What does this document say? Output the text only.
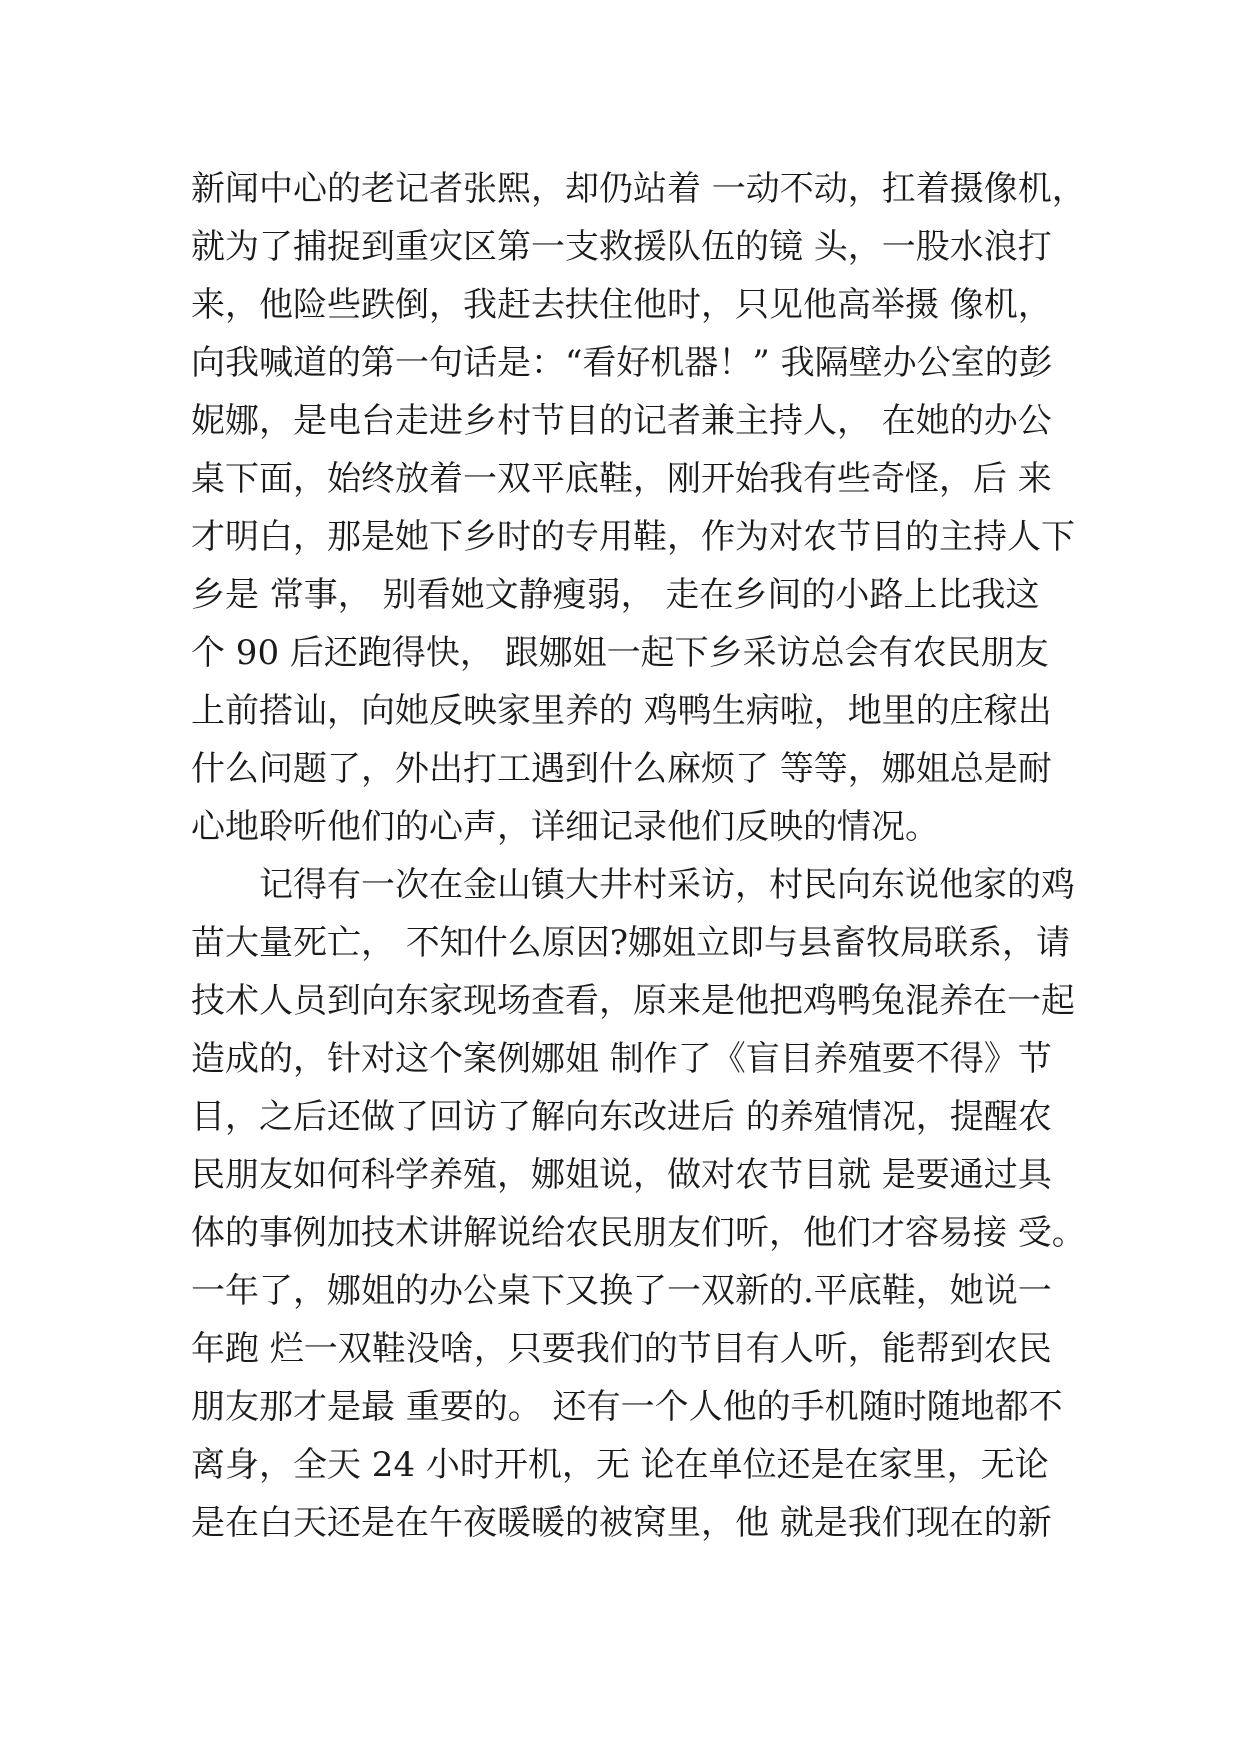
新闻中心的老记者张熙，却仍站着 一动不动，扛着摄像机，
就为了捕捉到重灾区第一支救援队伍的镜 头，一股水浪打
来，他险些跌倒，我赶去扶住他时，只见他高举摄 像机，
向我喊道的第一句话是：“看好机器！” 我隔壁办公室的彭
妮娜，是电台走进乡村节目的记者兼主持人， 在她的办公
桌下面，始终放着一双平底鞋，刚开始我有些奇怪，后 来
才明白，那是她下乡时的专用鞋，作为对农节目的主持人下
乡是 常事， 别看她文静瘦弱， 走在乡间的小路上比我这
个 90 后还跑得快， 跟娜姐一起下乡采访总会有农民朋友
上前搭讪，向她反映家里养的 鸡鸭生病啦，地里的庄稼出
什么问题了，外出打工遇到什么麻烦了 等等，娜姐总是耐
心地聆听他们的心声，详细记录他们反映的情况。
　　记得有一次在金山镇大井村采访，村民向东说他家的鸡
苗大量死亡， 不知什么原因?娜姐立即与县畜牧局联系，请
技术人员到向东家现场查看，原来是他把鸡鸭兔混养在一起
造成的，针对这个案例娜姐 制作了《盲目养殖要不得》节
目，之后还做了回访了解向东改进后 的养殖情况，提醒农
民朋友如何科学养殖，娜姐说，做对农节目就 是要通过具
体的事例加技术讲解说给农民朋友们听，他们才容易接 受。
一年了，娜姐的办公桌下又换了一双新的.平底鞋，她说一
年跑 烂一双鞋没啥，只要我们的节目有人听，能帮到农民
朋友那才是最 重要的。 还有一个人他的手机随时随地都不
离身，全天 24 小时开机，无 论在单位还是在家里，无论
是在白天还是在午夜暖暖的被窝里，他 就是我们现在的新
